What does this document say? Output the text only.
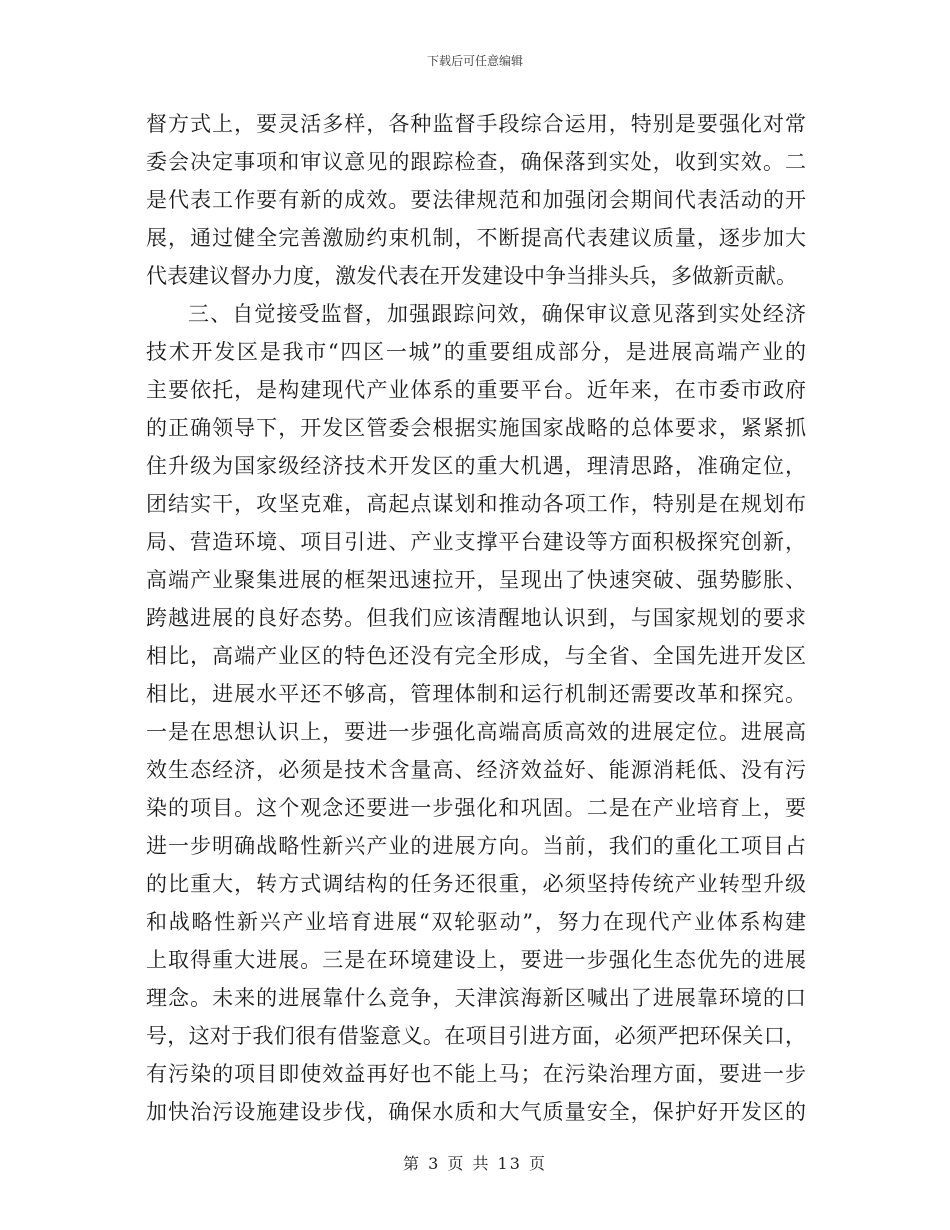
下载后可任意编辑
督方式上，要灵活多样，各种监督手段综合运用，特别是要强化对常
委会决定事项和审议意见的跟踪检查，确保落到实处，收到实效。二
是代表工作要有新的成效。要法律规范和加强闭会期间代表活动的开
展，通过健全完善激励约束机制，不断提高代表建议质量，逐步加大
代表建议督办力度，激发代表在开发建设中争当排头兵，多做新贡献。
三、自觉接受监督，加强跟踪问效，确保审议意见落到实处经济
技术开发区是我市“四区一城”的重要组成部分，是进展高端产业的
主要依托，是构建现代产业体系的重要平台。近年来，在市委市政府
的正确领导下，开发区管委会根据实施国家战略的总体要求，紧紧抓
住升级为国家级经济技术开发区的重大机遇，理清思路，准确定位，
团结实干，攻坚克难，高起点谋划和推动各项工作，特别是在规划布
局、营造环境、项目引进、产业支撑平台建设等方面积极探究创新，
高端产业聚集进展的框架迅速拉开，呈现出了快速突破、强势膨胀、
跨越进展的良好态势。但我们应该清醒地认识到，与国家规划的要求
相比，高端产业区的特色还没有完全形成，与全省、全国先进开发区
相比，进展水平还不够高，管理体制和运行机制还需要改革和探究。
一是在思想认识上，要进一步强化高端高质高效的进展定位。进展高
效生态经济，必须是技术含量高、经济效益好、能源消耗低、没有污
染的项目。这个观念还要进一步强化和巩固。二是在产业培育上，要
进一步明确战略性新兴产业的进展方向。当前，我们的重化工项目占
的比重大，转方式调结构的任务还很重，必须坚持传统产业转型升级
和战略性新兴产业培育进展“双轮驱动”，努力在现代产业体系构建
上取得重大进展。三是在环境建设上，要进一步强化生态优先的进展
理念。未来的进展靠什么竞争，天津滨海新区喊出了进展靠环境的口
号，这对于我们很有借鉴意义。在项目引进方面，必须严把环保关口，
有污染的项目即使效益再好也不能上马；在污染治理方面，要进一步
加快治污设施建设步伐，确保水质和大气质量安全，保护好开发区的
第 3 页 共 13 页
